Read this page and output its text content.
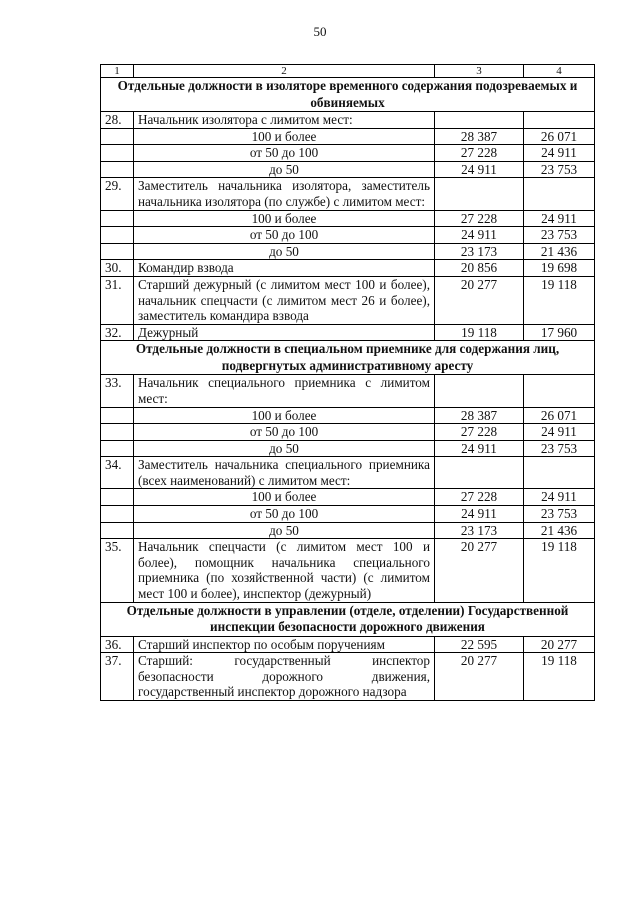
50
1	2	3	4
Отдельные должности в изоляторе временного содержания подозреваемых и обвиняемых			
28.	Начальник изолятора с лимитом мест:		
	100 и более	28 387	26 071
	от 50 до 100	27 228	24 911
	до 50	24 911	23 753
29.	Заместитель начальника изолятора, заместитель начальника изолятора (по службе) с лимитом мест:		
	100 и более	27 228	24 911
	от 50 до 100	24 911	23 753
	до 50	23 173	21 436
30.	Командир взвода	20 856	19 698
31.	Старший дежурный (с лимитом мест 100 и более), начальник спецчасти (с лимитом мест 26 и более), заместитель командира взвода	20 277	19 118
32.	Дежурный	19 118	17 960
Отдельные должности в специальном приемнике для содержания лиц, подвергнутых административному аресту			
33.	Начальник специального приемника с лимитом мест:		
	100 и более	28 387	26 071
	от 50 до 100	27 228	24 911
	до 50	24 911	23 753
34.	Заместитель начальника специального приемника (всех наименований) с лимитом мест:		
	100 и более	27 228	24 911
	от 50 до 100	24 911	23 753
	до 50	23 173	21 436
35.	Начальник спецчасти (с лимитом мест 100 и более), помощник начальника специального приемника (по хозяйственной части) (с лимитом мест 100 и более), инспектор (дежурный)	20 277	19 118
Отдельные должности в управлении (отделе, отделении) Государственной инспекции безопасности дорожного движения			
36.	Старший инспектор по особым поручениям	22 595	20 277
37.	Старший: государственный инспектор безопасности дорожного движения, государственный инспектор дорожного надзора	20 277	19 118
